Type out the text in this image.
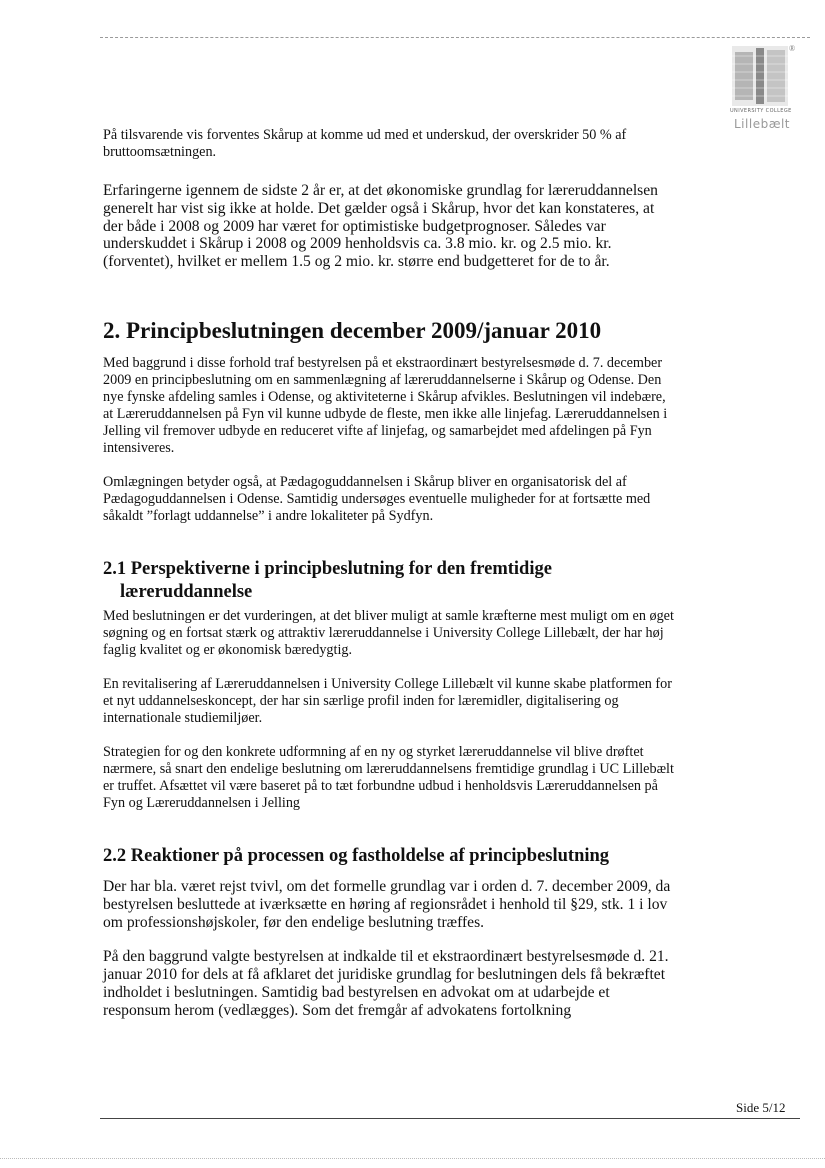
®
UNIVERSITY COLLEGE
Lillebælt

På tilsvarende vis forventes Skårup at komme ud med et underskud, der overskrider 50 % af bruttoomsætningen.

Erfaringerne igennem de sidste 2 år er, at det økonomiske grundlag for læreruddannelsen generelt har vist sig ikke at holde. Det gælder også i Skårup, hvor det kan konstateres, at der både i 2008 og 2009 har været for optimistiske budgetprognoser. Således var underskuddet i Skårup i 2008 og 2009 henholdsvis ca. 3.8 mio. kr. og 2.5 mio. kr. (forventet), hvilket er mellem 1.5 og 2 mio. kr. større end budgetteret for de to år.

2. Principbeslutningen december 2009/januar 2010

Med baggrund i disse forhold traf bestyrelsen på et ekstraordinært bestyrelsesmøde d. 7. december 2009 en principbeslutning om en sammenlægning af læreruddannelserne i Skårup og Odense. Den nye fynske afdeling samles i Odense, og aktiviteterne i Skårup afvikles. Beslutningen vil indebære, at Læreruddannelsen på Fyn vil kunne udbyde de fleste, men ikke alle linjefag. Læreruddannelsen i Jelling vil fremover udbyde en reduceret vifte af linjefag, og samarbejdet med afdelingen på Fyn intensiveres.

Omlægningen betyder også, at Pædagoguddannelsen i Skårup bliver en organisatorisk del af Pædagoguddannelsen i Odense. Samtidig undersøges eventuelle muligheder for at fortsætte med såkaldt ”forlagt uddannelse” i andre lokaliteter på Sydfyn.

2.1 Perspektiverne i principbeslutning for den fremtidige læreruddannelse

Med beslutningen er det vurderingen, at det bliver muligt at samle kræfterne mest muligt om en øget søgning og en fortsat stærk og attraktiv læreruddannelse i University College Lillebælt, der har høj faglig kvalitet og er økonomisk bæredygtig.

En revitalisering af Læreruddannelsen i University College Lillebælt vil kunne skabe platformen for et nyt uddannelseskoncept, der har sin særlige profil inden for læremidler, digitalisering og internationale studiemiljøer.

Strategien for og den konkrete udformning af en ny og styrket læreruddannelse vil blive drøftet nærmere, så snart den endelige beslutning om læreruddannelsens fremtidige grundlag i UC Lillebælt er truffet. Afsættet vil være baseret på to tæt forbundne udbud i henholdsvis Læreruddannelsen på Fyn og Læreruddannelsen i Jelling

2.2 Reaktioner på processen og fastholdelse af principbeslutning

Der har bla. været rejst tvivl, om det formelle grundlag var i orden d. 7. december 2009, da bestyrelsen besluttede at iværksætte en høring af regionsrådet i henhold til §29, stk. 1 i lov om professionshøjskoler, før den endelige beslutning træffes.

På den baggrund valgte bestyrelsen at indkalde til et ekstraordinært bestyrelsesmøde d. 21. januar 2010 for dels at få afklaret det juridiske grundlag for beslutningen dels få bekræftet indholdet i beslutningen. Samtidig bad bestyrelsen en advokat om at udarbejde et responsum herom (vedlægges). Som det fremgår af advokatens fortolkning

Side 5/12
